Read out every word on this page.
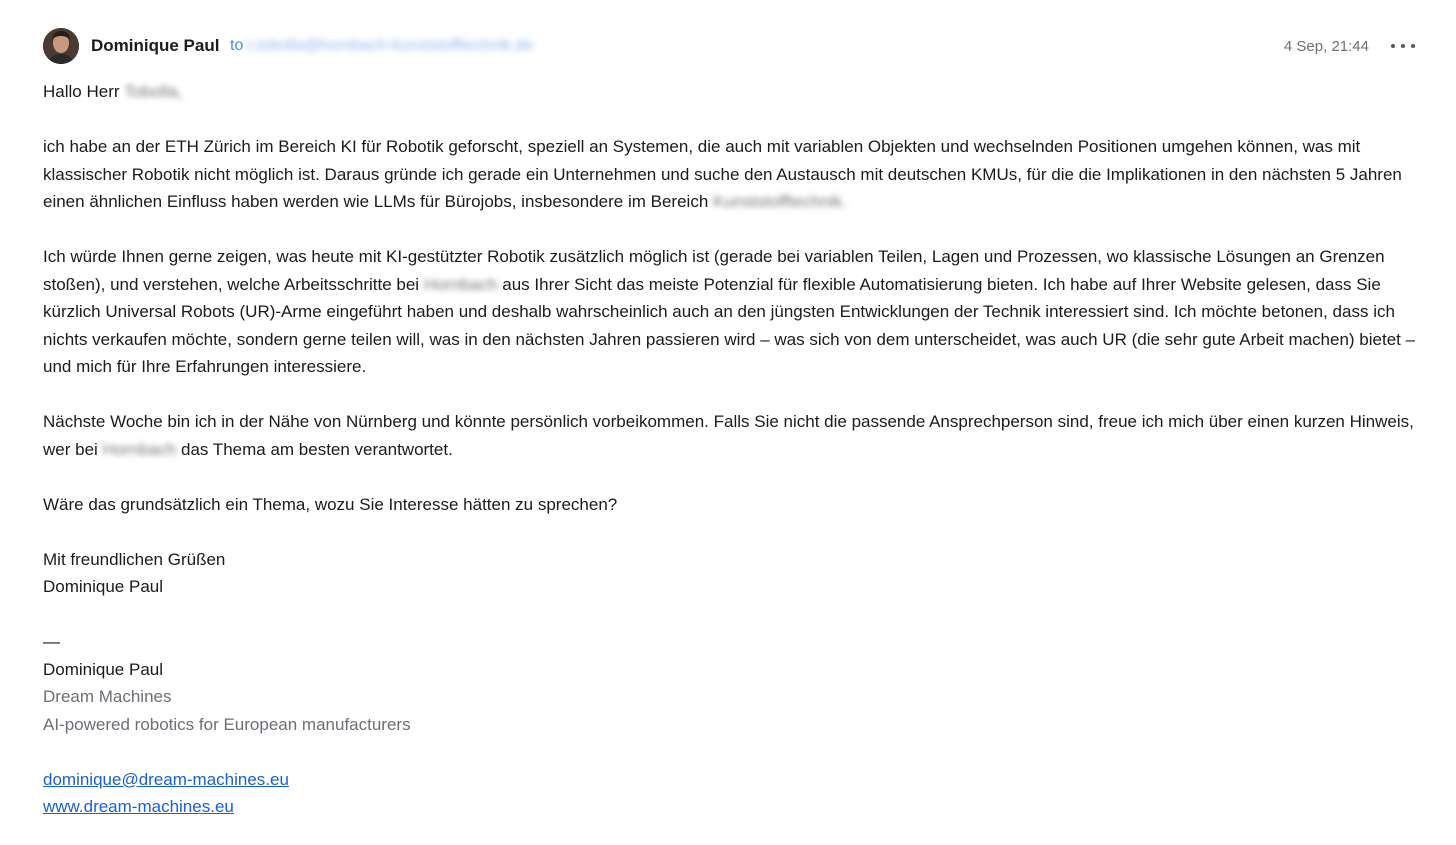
Dominique Paul to t.tobolla@hornbach-kunststofftechnik.de	4 Sep, 21:44

Hallo Herr Tobolla,

ich habe an der ETH Zürich im Bereich KI für Robotik geforscht, speziell an Systemen, die auch mit variablen Objekten und wechselnden Positionen umgehen können, was mit klassischer Robotik nicht möglich ist. Daraus gründe ich gerade ein Unternehmen und suche den Austausch mit deutschen KMUs, für die die Implikationen in den nächsten 5 Jahren einen ähnlichen Einfluss haben werden wie LLMs für Bürojobs, insbesondere im Bereich Kunststofftechnik.

Ich würde Ihnen gerne zeigen, was heute mit KI-gestützter Robotik zusätzlich möglich ist (gerade bei variablen Teilen, Lagen und Prozessen, wo klassische Lösungen an Grenzen stoßen), und verstehen, welche Arbeitsschritte bei Hornbach aus Ihrer Sicht das meiste Potenzial für flexible Automatisierung bieten. Ich habe auf Ihrer Website gelesen, dass Sie kürzlich Universal Robots (UR)-Arme eingeführt haben und deshalb wahrscheinlich auch an den jüngsten Entwicklungen der Technik interessiert sind. Ich möchte betonen, dass ich nichts verkaufen möchte, sondern gerne teilen will, was in den nächsten Jahren passieren wird – was sich von dem unterscheidet, was auch UR (die sehr gute Arbeit machen) bietet – und mich für Ihre Erfahrungen interessiere.

Nächste Woche bin ich in der Nähe von Nürnberg und könnte persönlich vorbeikommen. Falls Sie nicht die passende Ansprechperson sind, freue ich mich über einen kurzen Hinweis, wer bei Hornbach das Thema am besten verantwortet.

Wäre das grundsätzlich ein Thema, wozu Sie Interesse hätten zu sprechen?

Mit freundlichen Grüßen

Dominique Paul

—

Dominique Paul

Dream Machines

AI-powered robotics for European manufacturers

dominique@dream-machines.eu

www.dream-machines.eu
